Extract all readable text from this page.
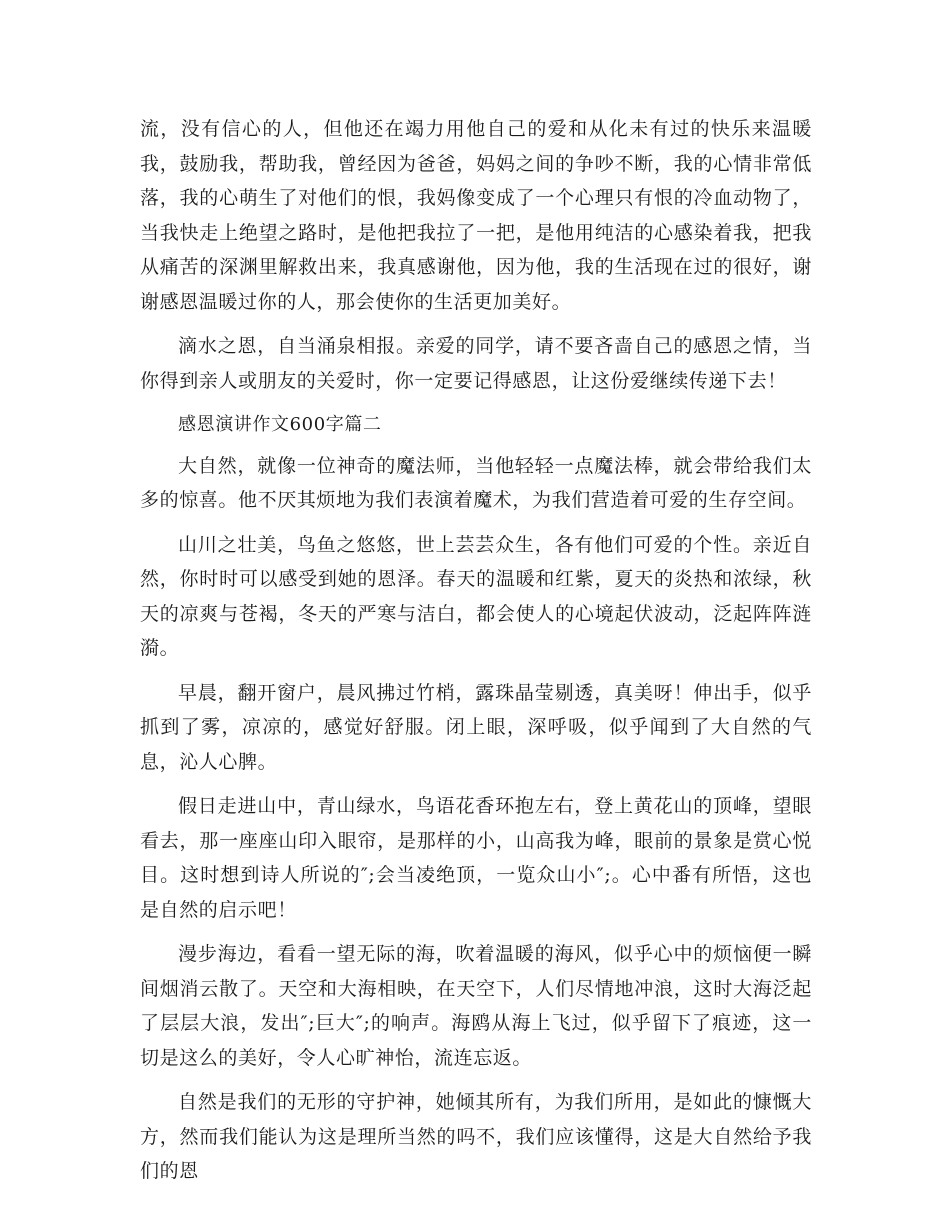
流，没有信心的人，但他还在竭力用他自己的爱和从化未有过的快乐来温暖我，鼓励我，帮助我，曾经因为爸爸，妈妈之间的争吵不断，我的心情非常低落，我的心萌生了对他们的恨，我妈像变成了一个心理只有恨的冷血动物了，当我快走上绝望之路时，是他把我拉了一把，是他用纯洁的心感染着我，把我从痛苦的深渊里解救出来，我真感谢他，因为他，我的生活现在过的很好，谢谢感恩温暖过你的人，那会使你的生活更加美好。

滴水之恩，自当涌泉相报。亲爱的同学，请不要吝啬自己的感恩之情，当你得到亲人或朋友的关爱时，你一定要记得感恩，让这份爱继续传递下去！

感恩演讲作文600字篇二

大自然，就像一位神奇的魔法师，当他轻轻一点魔法棒，就会带给我们太多的惊喜。他不厌其烦地为我们表演着魔术，为我们营造着可爱的生存空间。

山川之壮美，鸟鱼之悠悠，世上芸芸众生，各有他们可爱的个性。亲近自然，你时时可以感受到她的恩泽。春天的温暖和红紫，夏天的炎热和浓绿，秋天的凉爽与苍褐，冬天的严寒与洁白，都会使人的心境起伏波动，泛起阵阵涟漪。

早晨，翻开窗户，晨风拂过竹梢，露珠晶莹剔透，真美呀！伸出手，似乎抓到了雾，凉凉的，感觉好舒服。闭上眼，深呼吸，似乎闻到了大自然的气息，沁人心脾。

假日走进山中，青山绿水，鸟语花香环抱左右，登上黄花山的顶峰，望眼看去，那一座座山印入眼帘，是那样的小，山高我为峰，眼前的景象是赏心悦目。这时想到诗人所说的″;会当凌绝顶，一览众山小″;。心中番有所悟，这也是自然的启示吧！

漫步海边，看看一望无际的海，吹着温暖的海风，似乎心中的烦恼便一瞬间烟消云散了。天空和大海相映，在天空下，人们尽情地冲浪，这时大海泛起了层层大浪，发出″;巨大″;的响声。海鸥从海上飞过，似乎留下了痕迹，这一切是这么的美好，令人心旷神怡，流连忘返。

自然是我们的无形的守护神，她倾其所有，为我们所用，是如此的慷慨大方，然而我们能认为这是理所当然的吗不，我们应该懂得，这是大自然给予我们的恩
